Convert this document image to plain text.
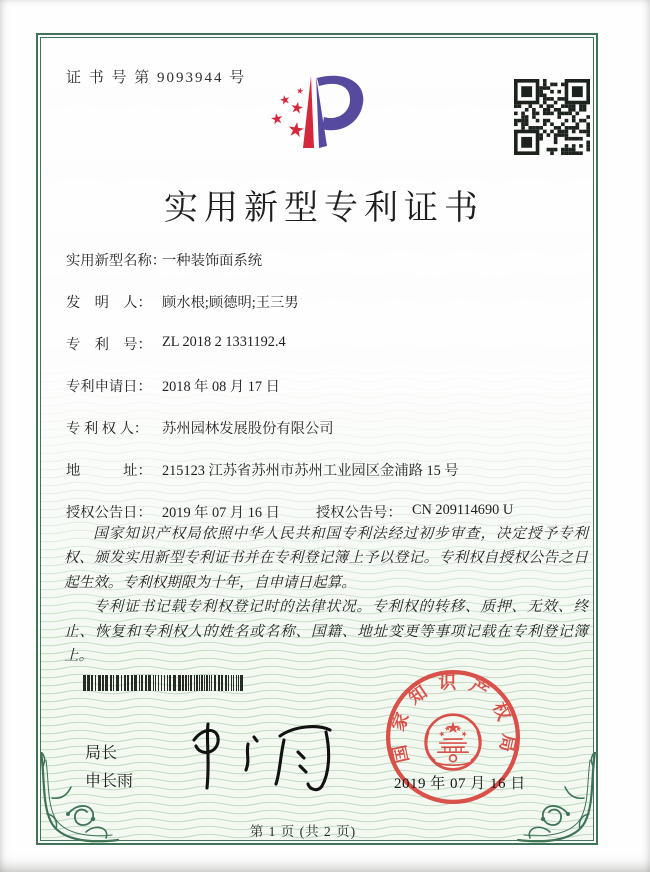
证 书 号 第 9093944 号
实用新型专利证书
实用新型名称：
一种装饰面系统
发　明　人： 顾水根;顾德明;王三男
专　利　号： ZL 2018 2 1331192.4
专利申请日： 2018 年 08 月 17 日
专 利 权 人： 苏州园林发展股份有限公司
地　　　址： 215123 江苏省苏州市苏州工业园区金浦路 15 号
授权公告日： 2019 年 07 月 16 日	授权公告号： CN 209114690 U

国家知识产权局依照中华人民共和国专利法经过初步审查，决定授予专利权、颁发实用新型专利证书并在专利登记簿上予以登记。专利权自授权公告之日起生效。专利权期限为十年，自申请日起算。

专利证书记载专利权登记时的法律状况。专利权的转移、质押、无效、终止、恢复和专利权人的姓名或名称、国籍、地址变更等事项记载在专利登记簿上。

局长
申长雨
国家知识产权局
2019 年 07 月 16 日
第 1 页 (共 2 页)
